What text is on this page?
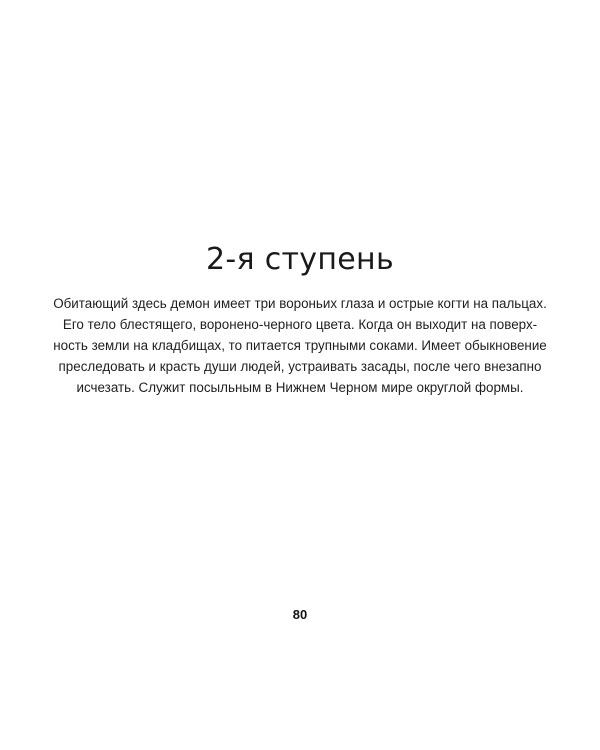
2-я ступень
Обитающий здесь демон имеет три вороньих глаза и острые когти на пальцах.
Его тело блестящего, вороненo-черного цвета. Когда он выходит на поверх-
ность земли на кладбищах, то питается трупными соками. Имеет обыкновение
преследовать и красть души людей, устраивать засады, после чего внезапно
исчезать. Служит посыльным в Нижнем Черном мире округлой формы.
80
